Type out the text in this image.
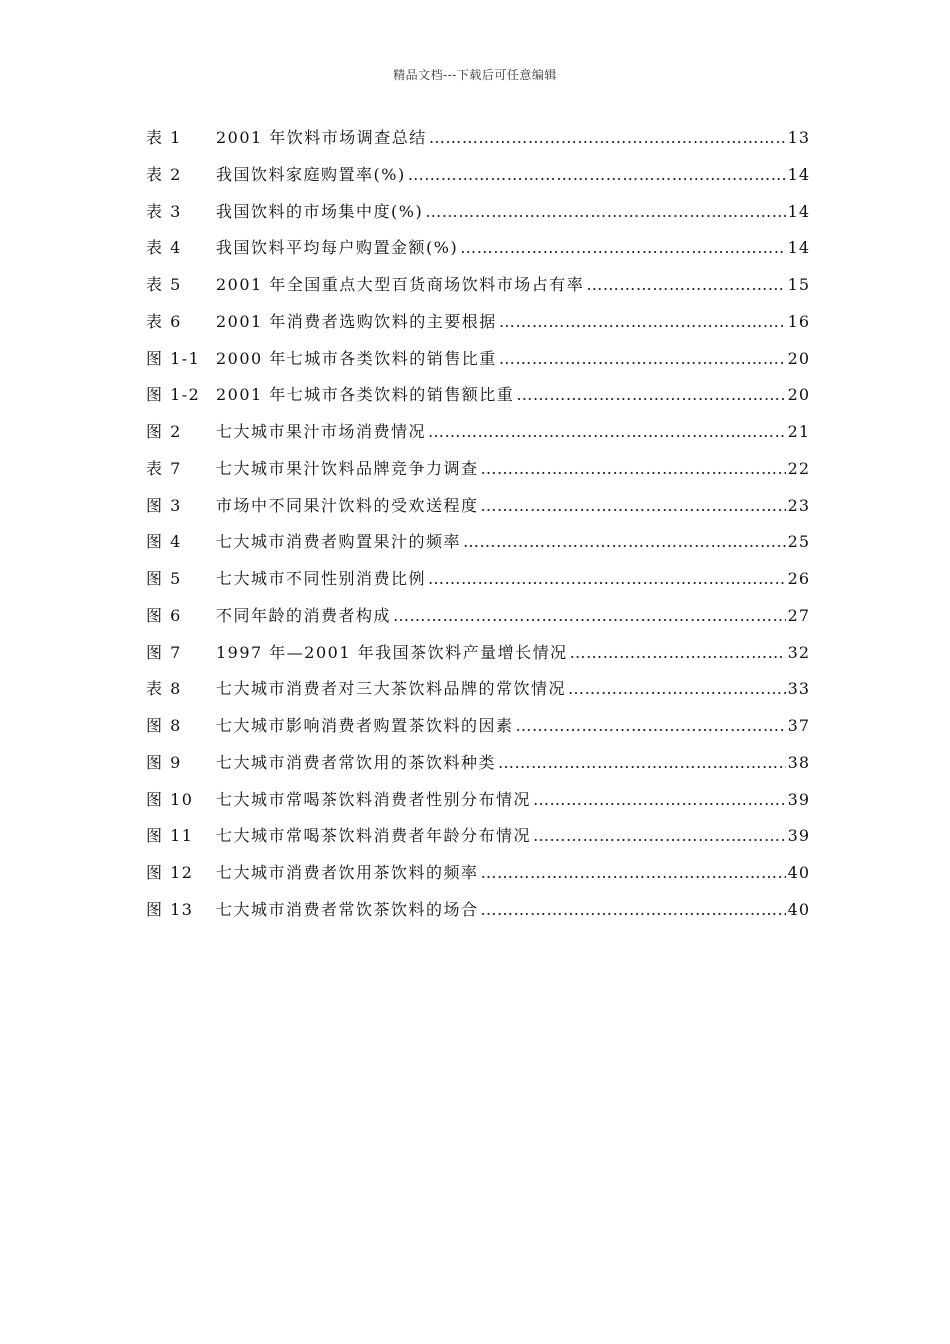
精品文档---下载后可任意编辑
表 1	2001 年饮料市场调查总结 …………………………………………………………………………………………………………………………………………………………	13
表 2	我国饮料家庭购置率(%) …………………………………………………………………………………………………………………………………………………………	14
表 3	我国饮料的市场集中度(%) …………………………………………………………………………………………………………………………………………………………	14
表 4	我国饮料平均每户购置金额(%) …………………………………………………………………………………………………………………………………………………………	14
表 5	2001 年全国重点大型百货商场饮料市场占有率 …………………………………………………………………………………………………………………………………………………………	15
表 6	2001 年消费者选购饮料的主要根据 …………………………………………………………………………………………………………………………………………………………	16
图 1-1 2000 年七城市各类饮料的销售比重 …………………………………………………………………………………………………………………………………………………………	20
图 1-2 2001 年七城市各类饮料的销售额比重 …………………………………………………………………………………………………………………………………………………………	20
图 2	七大城市果汁市场消费情况 …………………………………………………………………………………………………………………………………………………………	21
表 7	七大城市果汁饮料品牌竞争力调查 …………………………………………………………………………………………………………………………………………………………	22
图 3	市场中不同果汁饮料的受欢送程度 …………………………………………………………………………………………………………………………………………………………	23
图 4	七大城市消费者购置果汁的频率 …………………………………………………………………………………………………………………………………………………………	25
图 5	七大城市不同性别消费比例 …………………………………………………………………………………………………………………………………………………………	26
图 6	不同年龄的消费者构成 …………………………………………………………………………………………………………………………………………………………	27
图 7	1997 年—2001 年我国茶饮料产量增长情况 …………………………………………………………………………………………………………………………………………………………	32
表 8	七大城市消费者对三大茶饮料品牌的常饮情况 …………………………………………………………………………………………………………………………………………………………	33
图 8	七大城市影响消费者购置茶饮料的因素 …………………………………………………………………………………………………………………………………………………………	37
图 9	七大城市消费者常饮用的茶饮料种类 …………………………………………………………………………………………………………………………………………………………	38
图 10	七大城市常喝茶饮料消费者性别分布情况 …………………………………………………………………………………………………………………………………………………………	39
图 11	七大城市常喝茶饮料消费者年龄分布情况 …………………………………………………………………………………………………………………………………………………………	39
图 12	七大城市消费者饮用茶饮料的频率 …………………………………………………………………………………………………………………………………………………………	40
图 13	七大城市消费者常饮茶饮料的场合 …………………………………………………………………………………………………………………………………………………………	40
